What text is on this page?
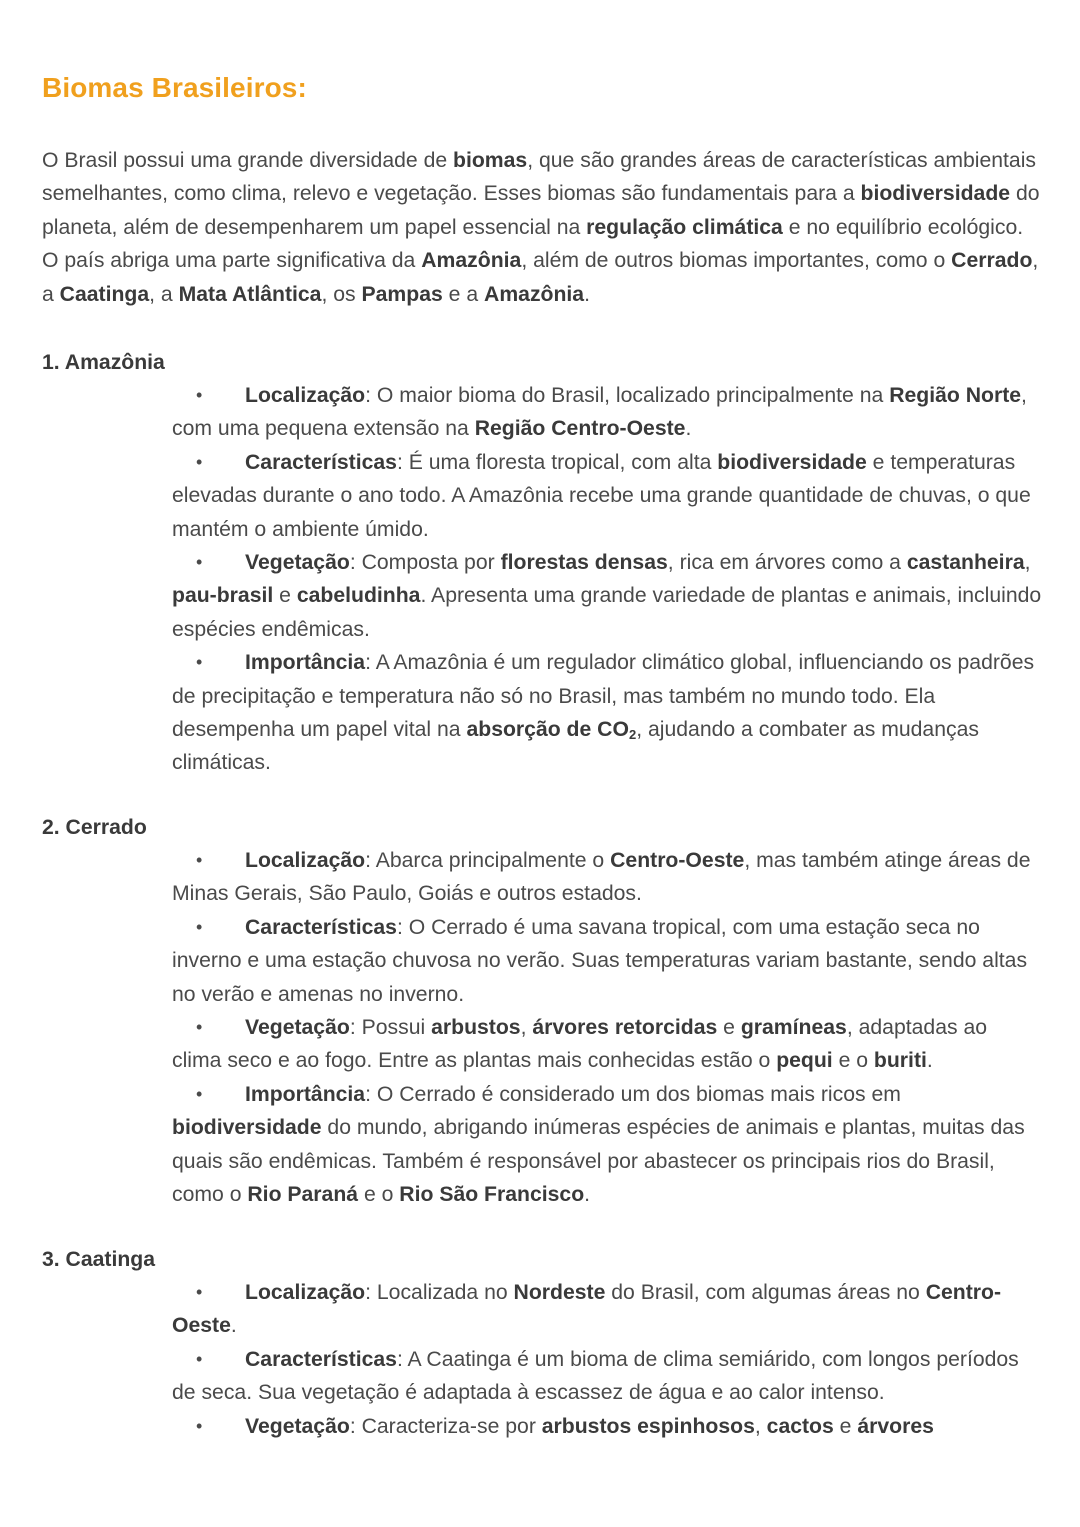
Biomas Brasileiros:

O Brasil possui uma grande diversidade de biomas, que são grandes áreas de características ambientais semelhantes, como clima, relevo e vegetação. Esses biomas são fundamentais para a biodiversidade do planeta, além de desempenharem um papel essencial na regulação climática e no equilíbrio ecológico. O país abriga uma parte significativa da Amazônia, além de outros biomas importantes, como o Cerrado, a Caatinga, a Mata Atlântica, os Pampas e a Amazônia.

1. Amazônia
• Localização: O maior bioma do Brasil, localizado principalmente na Região Norte, com uma pequena extensão na Região Centro-Oeste.
• Características: É uma floresta tropical, com alta biodiversidade e temperaturas elevadas durante o ano todo. A Amazônia recebe uma grande quantidade de chuvas, o que mantém o ambiente úmido.
• Vegetação: Composta por florestas densas, rica em árvores como a castanheira, pau-brasil e cabeludinha. Apresenta uma grande variedade de plantas e animais, incluindo espécies endêmicas.
• Importância: A Amazônia é um regulador climático global, influenciando os padrões de precipitação e temperatura não só no Brasil, mas também no mundo todo. Ela desempenha um papel vital na absorção de $CO_2$, ajudando a combater as mudanças climáticas.
2. Cerrado
• Localização: Abarca principalmente o Centro-Oeste, mas também atinge áreas de Minas Gerais, São Paulo, Goiás e outros estados.
• Características: O Cerrado é uma savana tropical, com uma estação seca no inverno e uma estação chuvosa no verão. Suas temperaturas variam bastante, sendo altas no verão e amenas no inverno.
• Vegetação: Possui arbustos, árvores retorcidas e gramíneas, adaptadas ao clima seco e ao fogo. Entre as plantas mais conhecidas estão o pequi e o buriti.
• Importância: O Cerrado é considerado um dos biomas mais ricos em biodiversidade do mundo, abrigando inúmeras espécies de animais e plantas, muitas das quais são endêmicas. Também é responsável por abastecer os principais rios do Brasil, como o Rio Paraná e o Rio São Francisco.
3. Caatinga
• Localização: Localizada no Nordeste do Brasil, com algumas áreas no Centro-Oeste.
• Características: A Caatinga é um bioma de clima semiárido, com longos períodos de seca. Sua vegetação é adaptada à escassez de água e ao calor intenso.
• Vegetação: Caracteriza-se por arbustos espinhosos, cactos e árvores
